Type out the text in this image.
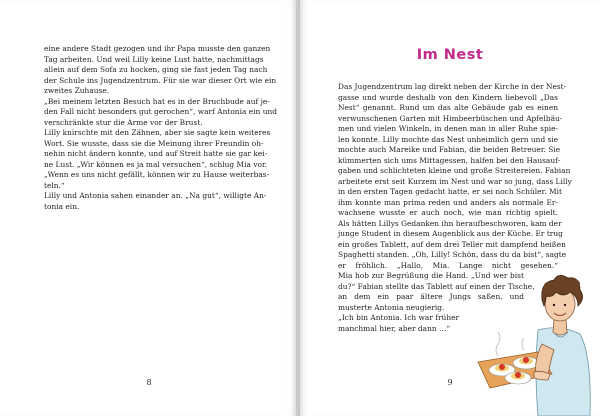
eine andere Stadt gezogen und ihr Papa musste den ganzen
Tag arbeiten. Und weil Lilly keine Lust hatte, nachmittags
allein auf dem Sofa zu hocken, ging sie fast jeden Tag nach
der Schule ins Jugendzentrum. Für sie war dieser Ort wie ein
zweites Zuhause.
„Bei meinem letzten Besuch hat es in der Bruchbude auf je-
den Fall nicht besonders gut gerochen“, warf Antonia ein und
verschränkte stur die Arme vor der Brust.
Lilly knirschte mit den Zähnen, aber sie sagte kein weiteres
Wort. Sie wusste, dass sie die Meinung ihrer Freundin oh-
nehin nicht ändern konnte, und auf Streit hatte sie gar kei-
ne Lust. „Wir können es ja mal versuchen“, schlug Mia vor.
„Wenn es uns nicht gefällt, können wir zu Hause weiterbas-
teln.“
Lilly und Antonia sahen einander an. „Na gut“, willigte An-
tonia ein.
8
Im Nest
Das Jugendzentrum lag direkt neben der Kirche in der Nest-
gasse und wurde deshalb von den Kindern liebevoll „Das
Nest“ genannt. Rund um das alte Gebäude gab es einen
verwunschenen Garten mit Himbeerbüschen und Apfelbäu-
men und vielen Winkeln, in denen man in aller Ruhe spie-
len konnte. Lilly mochte das Nest unheimlich gern und sie
mochte auch Mareike und Fabian, die beiden Betreuer. Sie
kümmerten sich ums Mittagessen, halfen bei den Hausauf-
gaben und schlichteten kleine und große Streitereien. Fabian
arbeitete erst seit Kurzem im Nest und war so jung, dass Lilly
in den ersten Tagen gedacht hatte, er sei noch Schüler. Mit
ihm konnte man prima reden und anders als normale Er-
wachsene wusste er auch noch, wie man richtig spielt.
Als hätten Lillys Gedanken ihn heraufbeschworen, kam der
junge Student in diesem Augenblick aus der Küche. Er trug
ein großes Tablett, auf dem drei Teller mit dampfend heißen
Spaghetti standen. „Oh, Lilly! Schön, dass du da bist“, sagte
er fröhlich. „Hallo, Mia. Lange nicht gesehen.“
Mia hob zur Begrüßung die Hand. „Und wer bist
du?“ Fabian stellte das Tablett auf einen der Tische,
an dem ein paar ältere Jungs saßen, und
musterte Antonia neugierig.
„Ich bin Antonia. Ich war früher
manchmal hier, aber dann …“
9
